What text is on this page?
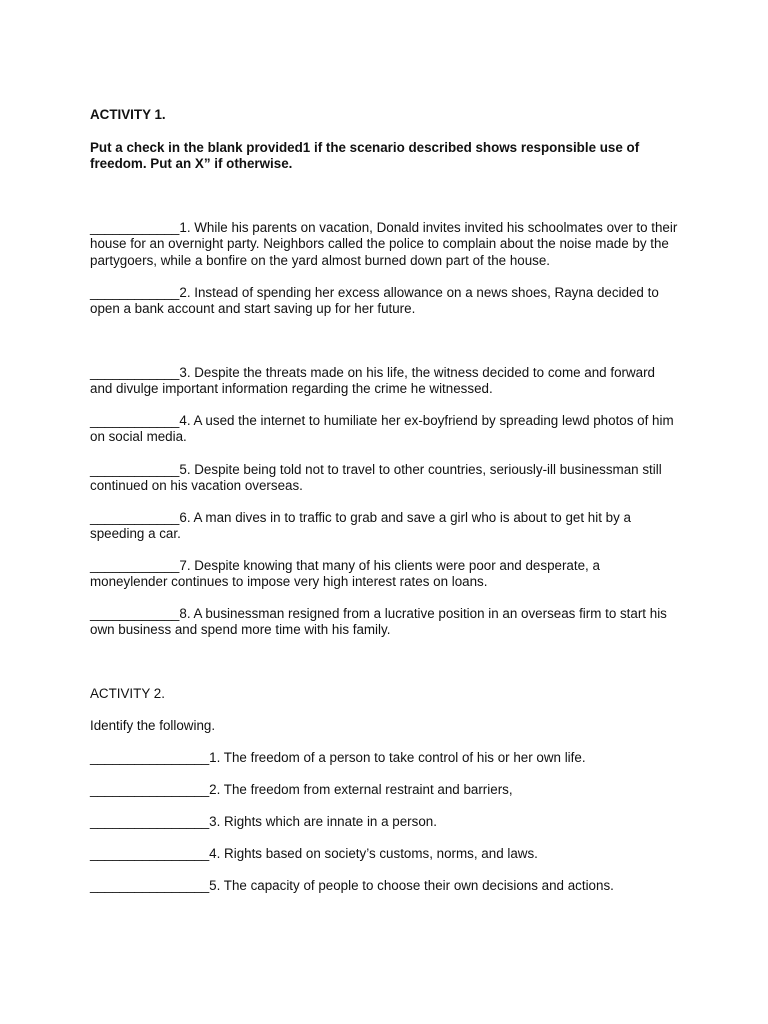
ACTIVITY 1.

Put a check in the blank provided1 if the scenario described shows responsible use of freedom. Put an X” if otherwise.

____________1. While his parents on vacation, Donald invites invited his schoolmates over to their house for an overnight party. Neighbors called the police to complain about the noise made by the partygoers, while a bonfire on the yard almost burned down part of the house.

____________2. Instead of spending her excess allowance on a news shoes, Rayna decided to open a bank account and start saving up for her future.

____________3. Despite the threats made on his life, the witness decided to come and forward and divulge important information regarding the crime he witnessed.

____________4. A used the internet to humiliate her ex-boyfriend by spreading lewd photos of him on social media.

____________5. Despite being told not to travel to other countries, seriously-ill businessman still continued on his vacation overseas.

____________6. A man dives in to traffic to grab and save a girl who is about to get hit by a speeding a car.

____________7. Despite knowing that many of his clients were poor and desperate, a moneylender continues to impose very high interest rates on loans.

____________8. A businessman resigned from a lucrative position in an overseas firm to start his own business and spend more time with his family.

ACTIVITY 2.

Identify the following.

________________1. The freedom of a person to take control of his or her own life.

________________2. The freedom from external restraint and barriers,

________________3. Rights which are innate in a person.

________________4. Rights based on society’s customs, norms, and laws.

________________5. The capacity of people to choose their own decisions and actions.
